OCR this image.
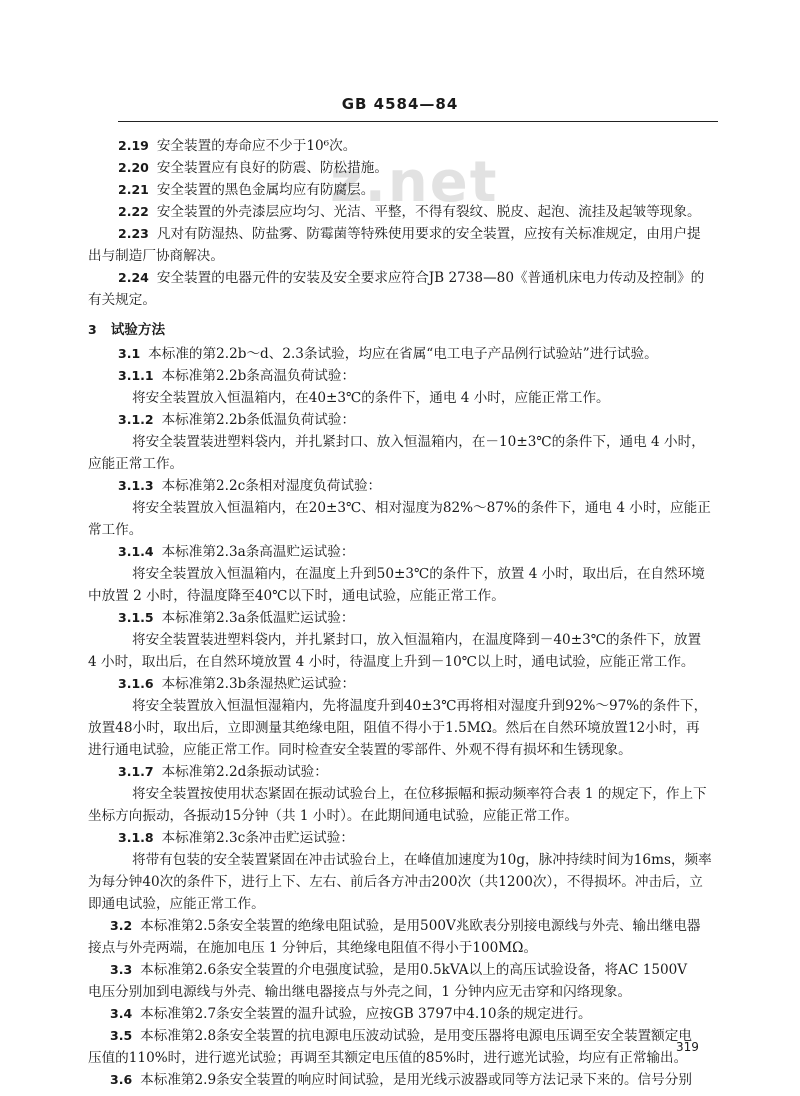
GB 4584—84
z.net
2.19 安全装置的寿命应不少于10⁶次。
2.20 安全装置应有良好的防震、防松措施。
2.21 安全装置的黑色金属均应有防腐层。
2.22 安全装置的外壳漆层应均匀、光洁、平整，不得有裂纹、脱皮、起泡、流挂及起皱等现象。
2.23 凡对有防湿热、防盐雾、防霉菌等特殊使用要求的安全装置，应按有关标准规定，由用户提
出与制造厂协商解决。
2.24 安全装置的电器元件的安装及安全要求应符合JB 2738—80《普通机床电力传动及控制》的
有关规定。
3 试验方法
3.1 本标准的第2.2b～d、2.3条试验，均应在省属“电工电子产品例行试验站”进行试验。
3.1.1 本标准第2.2b条高温负荷试验：
将安全装置放入恒温箱内，在40±3℃的条件下，通电 4 小时，应能正常工作。
3.1.2 本标准第2.2b条低温负荷试验：
将安全装置装进塑料袋内，并扎紧封口、放入恒温箱内，在－10±3℃的条件下，通电 4 小时，
应能正常工作。
3.1.3 本标准第2.2c条相对湿度负荷试验：
将安全装置放入恒温箱内，在20±3℃、相对湿度为82%～87%的条件下，通电 4 小时，应能正
常工作。
3.1.4 本标准第2.3a条高温贮运试验：
将安全装置放入恒温箱内，在温度上升到50±3℃的条件下，放置 4 小时，取出后，在自然环境
中放置 2 小时，待温度降至40℃以下时，通电试验，应能正常工作。
3.1.5 本标准第2.3a条低温贮运试验：
将安全装置装进塑料袋内，并扎紧封口，放入恒温箱内，在温度降到－40±3℃的条件下，放置
4 小时，取出后，在自然环境放置 4 小时，待温度上升到－10℃以上时，通电试验，应能正常工作。
3.1.6 本标准第2.3b条湿热贮运试验：
将安全装置放入恒温恒湿箱内，先将温度升到40±3℃再将相对湿度升到92%～97%的条件下，
放置48小时，取出后，立即测量其绝缘电阻，阻值不得小于1.5MΩ。然后在自然环境放置12小时，再
进行通电试验，应能正常工作。同时检查安全装置的零部件、外观不得有损坏和生锈现象。
3.1.7 本标准第2.2d条振动试验：
将安全装置按使用状态紧固在振动试验台上，在位移振幅和振动频率符合表 1 的规定下，作上下
坐标方向振动，各振动15分钟（共 1 小时）。在此期间通电试验，应能正常工作。
3.1.8 本标准第2.3c条冲击贮运试验：
将带有包装的安全装置紧固在冲击试验台上，在峰值加速度为10g，脉冲持续时间为16ms，频率
为每分钟40次的条件下，进行上下、左右、前后各方冲击200次（共1200次），不得损坏。冲击后，立
即通电试验，应能正常工作。
3.2 本标准第2.5条安全装置的绝缘电阻试验，是用500V兆欧表分别接电源线与外壳、输出继电器
接点与外壳两端，在施加电压 1 分钟后，其绝缘电阻值不得小于100MΩ。
3.3 本标准第2.6条安全装置的介电强度试验，是用0.5kVA以上的高压试验设备，将AC 1500V
电压分别加到电源线与外壳、输出继电器接点与外壳之间，1 分钟内应无击穿和闪络现象。
3.4 本标准第2.7条安全装置的温升试验，应按GB 3797中4.10条的规定进行。
3.5 本标准第2.8条安全装置的抗电源电压波动试验，是用变压器将电源电压调至安全装置额定电
压值的110%时，进行遮光试验；再调至其额定电压值的85%时，进行遮光试验，均应有正常输出。
3.6 本标准第2.9条安全装置的响应时间试验，是用光线示波器或同等方法记录下来的。信号分别
319
